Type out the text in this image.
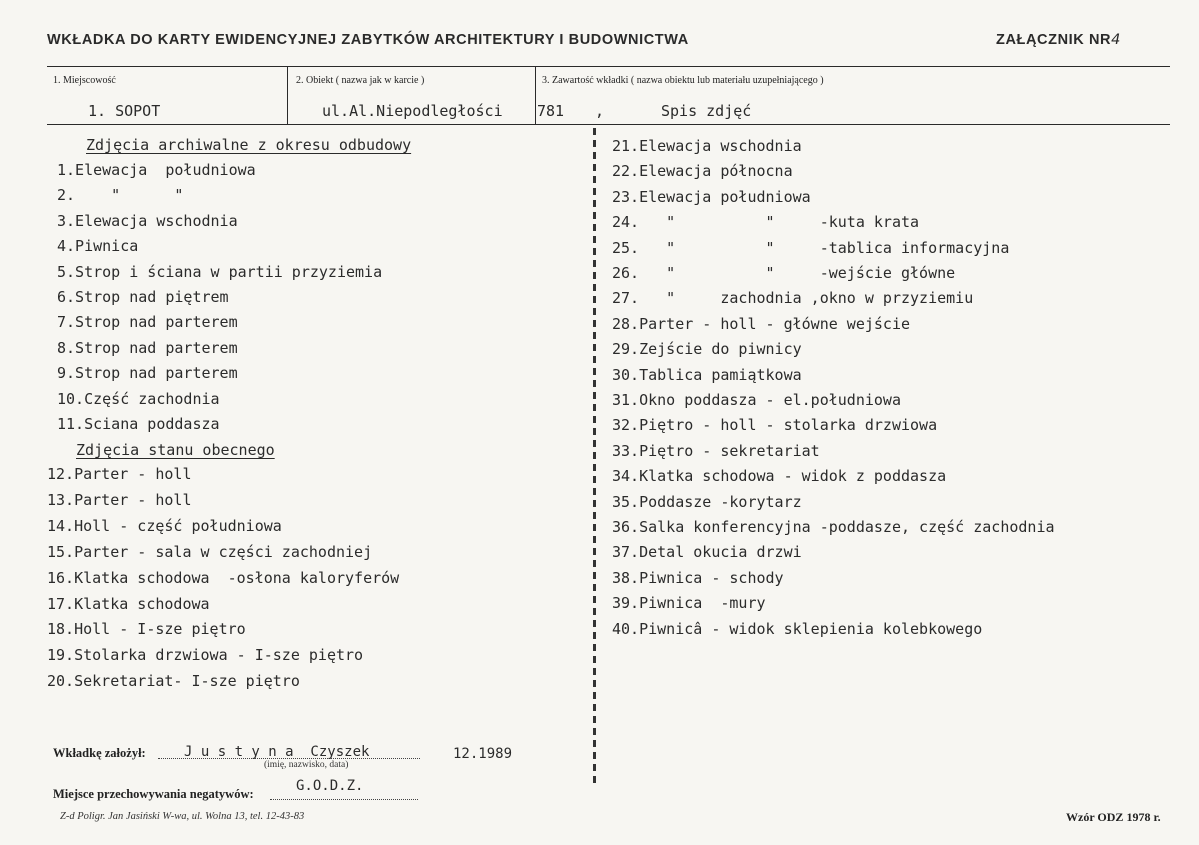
WKŁADKA DO KARTY EWIDENCYJNEJ ZABYTKÓW ARCHITEKTURY I BUDOWNICTWA	ZAŁĄCZNIK NR4
1. Miejscowość	2. Obiekt ( nazwa jak w karcie )	3. Zawartość wkładki ( nazwa obiektu lub materiału uzupełniającego )
1. SOPOT	ul.Al.Niepodległości 781 ,	Spis zdjęć
Zdjęcia archiwalne z okresu odbudowy
1.Elewacja  południowa
2.    "      "
3.Elewacja wschodnia
4.Piwnica
5.Strop i ściana w partii przyziemia
6.Strop nad piętrem
7.Strop nad parterem
8.Strop nad parterem
9.Strop nad parterem
10.Część zachodnia
11.Sciana poddasza
Zdjęcia stanu obecnego
12.Parter - holl
13.Parter - holl
14.Holl - część południowa
15.Parter - sala w części zachodniej
16.Klatka schodowa  -osłona kaloryferów
17.Klatka schodowa
18.Holl - I-sze piętro
19.Stolarka drzwiowa - I-sze piętro
20.Sekretariat- I-sze piętro
21.Elewacja wschodnia
22.Elewacja północna
23.Elewacja południowa
24.   "          "     -kuta krata
25.   "          "     -tablica informacyjna
26.   "          "     -wejście główne
27.   "     zachodnia ,okno w przyziemiu
28.Parter - holl - główne wejście
29.Zejście do piwnicy
30.Tablica pamiątkowa
31.Okno poddasza - el.południowa
32.Piętro - holl - stolarka drzwiowa
33.Piętro - sekretariat
34.Klatka schodowa - widok z poddasza
35.Poddasze -korytarz
36.Salka konferencyjna -poddasze, część zachodnia
37.Detal okucia drzwi
38.Piwnica - schody
39.Piwnica  -mury
40.Piwnicâ - widok sklepienia kolebkowego
Wkładkę założył:	J u s t y n a  Czyszek	12.1989
(imię, nazwisko, data)
G.O.D.Z.
Miejsce przechowywania negatywów:
Z-d Poligr. Jan Jasiński W-wa, ul. Wolna 13, tel. 12-43-83	Wzór ODZ 1978 r.
